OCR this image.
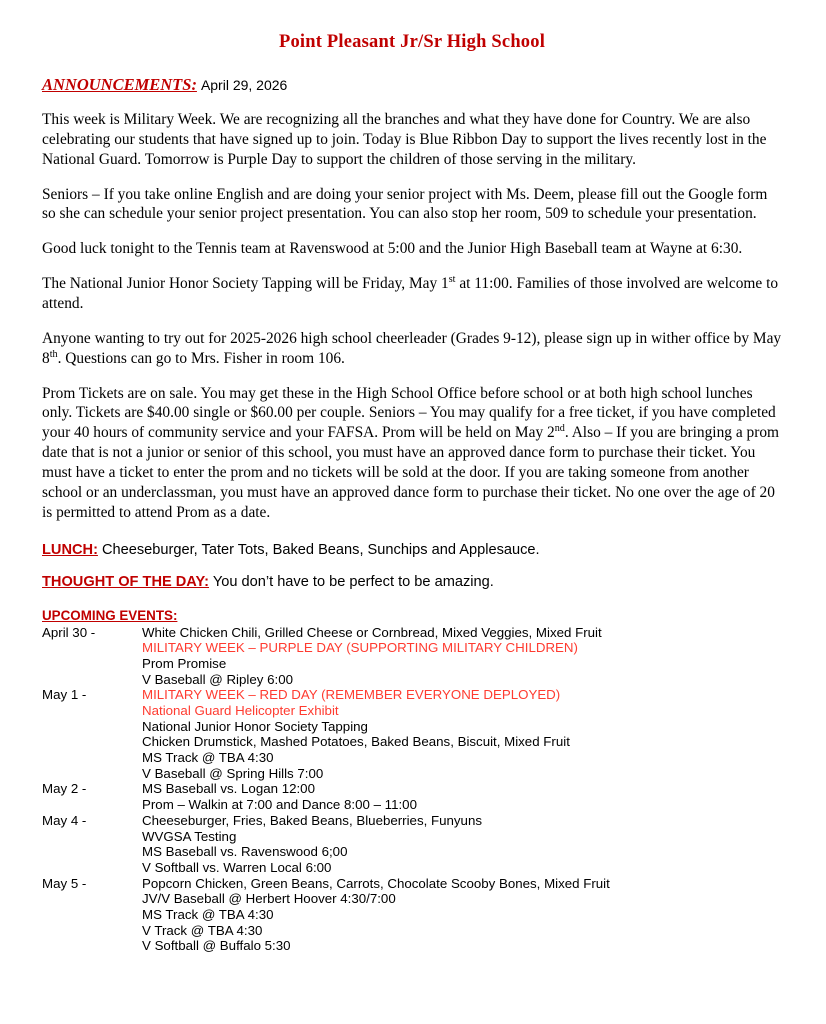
Point Pleasant Jr/Sr High School
ANNOUNCEMENTS: April 29, 2026

This week is Military Week. We are recognizing all the branches and what they have done for Country. We are also celebrating our students that have signed up to join. Today is Blue Ribbon Day to support the lives recently lost in the National Guard. Tomorrow is Purple Day to support the children of those serving in the military.

Seniors – If you take online English and are doing your senior project with Ms. Deem, please fill out the Google form so she can schedule your senior project presentation. You can also stop her room, 509 to schedule your presentation.

Good luck tonight to the Tennis team at Ravenswood at 5:00 and the Junior High Baseball team at Wayne at 6:30.

The National Junior Honor Society Tapping will be Friday, May 1st at 11:00. Families of those involved are welcome to attend.

Anyone wanting to try out for 2025-2026 high school cheerleader (Grades 9-12), please sign up in wither office by May 8th. Questions can go to Mrs. Fisher in room 106.

Prom Tickets are on sale. You may get these in the High School Office before school or at both high school lunches only. Tickets are $40.00 single or $60.00 per couple. Seniors – You may qualify for a free ticket, if you have completed your 40 hours of community service and your FAFSA. Prom will be held on May 2nd. Also – If you are bringing a prom date that is not a junior or senior of this school, you must have an approved dance form to purchase their ticket. You must have a ticket to enter the prom and no tickets will be sold at the door. If you are taking someone from another school or an underclassman, you must have an approved dance form to purchase their ticket. No one over the age of 20 is permitted to attend Prom as a date.

LUNCH: Cheeseburger, Tater Tots, Baked Beans, Sunchips and Applesauce.
THOUGHT OF THE DAY: You don’t have to be perfect to be amazing.
UPCOMING EVENTS:
April 30 -	White Chicken Chili, Grilled Cheese or Cornbread, Mixed Veggies, Mixed Fruit
MILITARY WEEK – PURPLE DAY (SUPPORTING MILITARY CHILDREN)
Prom Promise
V Baseball @ Ripley 6:00

May 1 -	MILITARY WEEK – RED DAY (REMEMBER EVERYONE DEPLOYED)
National Guard Helicopter Exhibit
National Junior Honor Society Tapping
Chicken Drumstick, Mashed Potatoes, Baked Beans, Biscuit, Mixed Fruit
MS Track @ TBA 4:30
V Baseball @ Spring Hills 7:00

May 2 -	MS Baseball vs. Logan 12:00
Prom – Walkin at 7:00 and Dance 8:00 – 11:00

May 4 -	Cheeseburger, Fries, Baked Beans, Blueberries, Funyuns
WVGSA Testing
MS Baseball vs. Ravenswood 6;00
V Softball vs. Warren Local 6:00

May 5 -	Popcorn Chicken, Green Beans, Carrots, Chocolate Scooby Bones, Mixed Fruit
JV/V Baseball @ Herbert Hoover 4:30/7:00
MS Track @ TBA 4:30
V Track @ TBA 4:30
V Softball @ Buffalo 5:30
